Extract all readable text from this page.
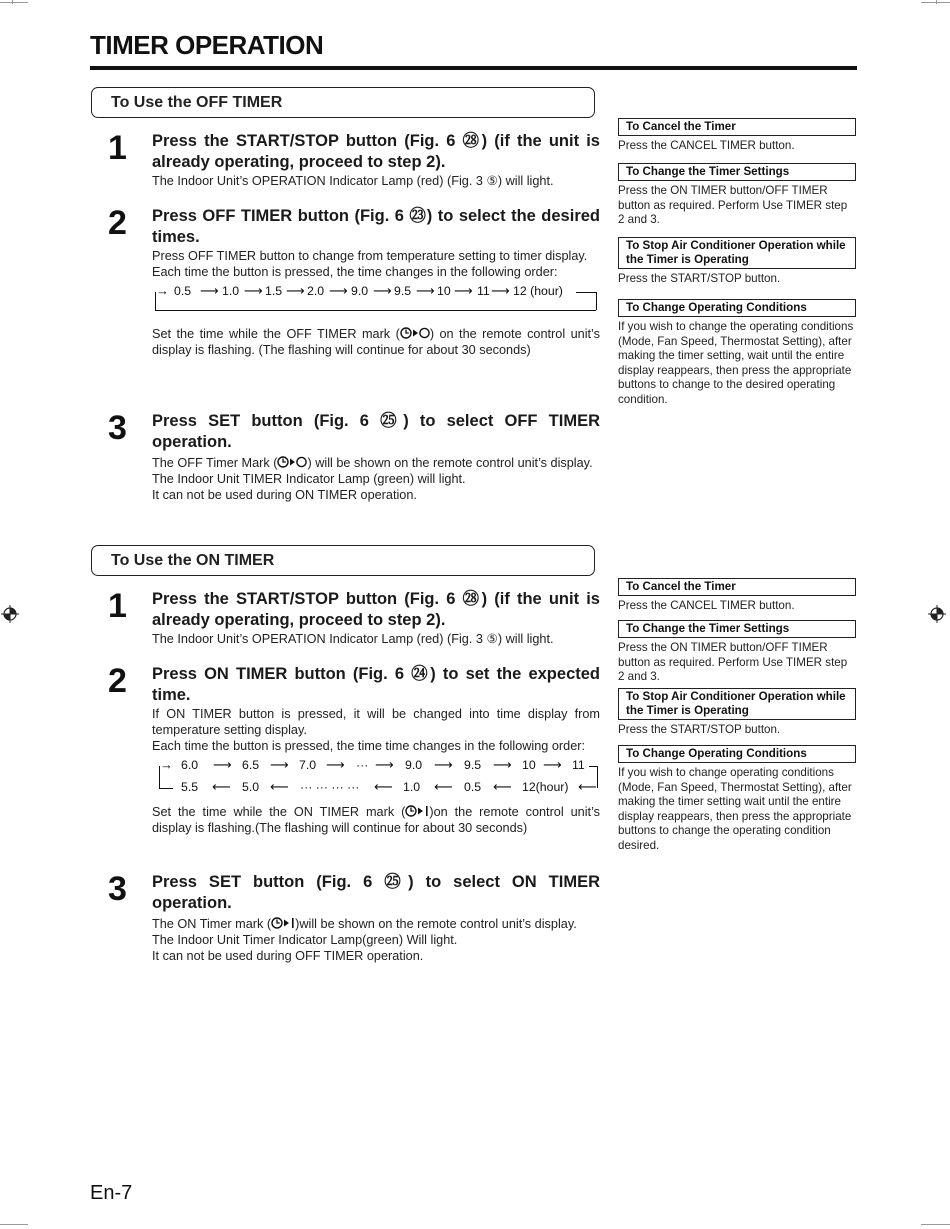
TIMER OPERATION
To Use the OFF TIMER
1 Press the START/STOP button (Fig. 6 ㉘) (if the unit is already operating, proceed to step 2).

The Indoor Unit’s OPERATION Indicator Lamp (red) (Fig. 3 ⑤) will light.

2 Press OFF TIMER button (Fig. 6 ㉓) to select the desired times.

Press OFF TIMER button to change from temperature setting to timer display.

Each time the button is pressed, the time changes in the following order:

→ 0.5 ⟶ 1.0 ⟶ 1.5 ⟶ 2.0 ⟶ 9.0 ⟶ 9.5 ⟶ 10 ⟶ 11 ⟶ 12 (hour)

Set the time while the OFF TIMER mark ( ) on the remote control unit’s display is flashing. (The flashing will continue for about 30 seconds)

3 Press SET button (Fig. 6 ㉕) to select OFF TIMER operation.

The OFF Timer Mark ( ) will be shown on the remote control unit’s display.

The Indoor Unit TIMER Indicator Lamp (green) will light.

It can not be used during ON TIMER operation.

To Cancel the Timer

Press the CANCEL TIMER button.

To Change the Timer Settings

Press the ON TIMER button/OFF TIMER button as required. Perform Use TIMER step 2 and 3.

To Stop Air Conditioner Operation while the Timer is Operating

Press the START/STOP button.

To Change Operating Conditions

If you wish to change the operating conditions (Mode, Fan Speed, Thermostat Setting), after making the timer setting, wait until the entire display reappears, then press the appropriate buttons to change to the desired operating condition.

To Use the ON TIMER
1 Press the START/STOP button (Fig. 6 ㉘) (if the unit is already operating, proceed to step 2).

The Indoor Unit’s OPERATION Indicator Lamp (red) (Fig. 3 ⑤) will light.

2 Press ON TIMER button (Fig. 6 ㉔) to set the expected time.

If ON TIMER button is pressed, it will be changed into time display from temperature setting display.

Each time the button is pressed, the time time changes in the following order:

→ 6.0 ⟶ 6.5 ⟶ 7.0 ⟶ ··· ⟶ 9.0 ⟶ 9.5 ⟶ 10 ⟶ 11
5.5 ⟵ 5.0 ⟵ ··· ··· ··· ··· ⟵ 1.0 ⟵ 0.5 ⟵ 12(hour) ⟵

Set the time while the ON TIMER mark ( )on the remote control unit’s display is flashing.(The flashing will continue for about 30 seconds)

3 Press SET button (Fig. 6 ㉕) to select ON TIMER operation.

The ON Timer mark ( )will be shown on the remote control unit’s display.

The Indoor Unit Timer Indicator Lamp(green) Will light.

It can not be used during OFF TIMER operation.

To Cancel the Timer

Press the CANCEL TIMER button.

To Change the Timer Settings

Press the ON TIMER button/OFF TIMER button as required. Perform Use TIMER step 2 and 3.

To Stop Air Conditioner Operation while the Timer is Operating

Press the START/STOP button.

To Change Operating Conditions

If you wish to change operating conditions (Mode, Fan Speed, Thermostat Setting), after making the timer setting wait until the entire display reappears, then press the appropriate buttons to change the operating condition desired.

En-7
